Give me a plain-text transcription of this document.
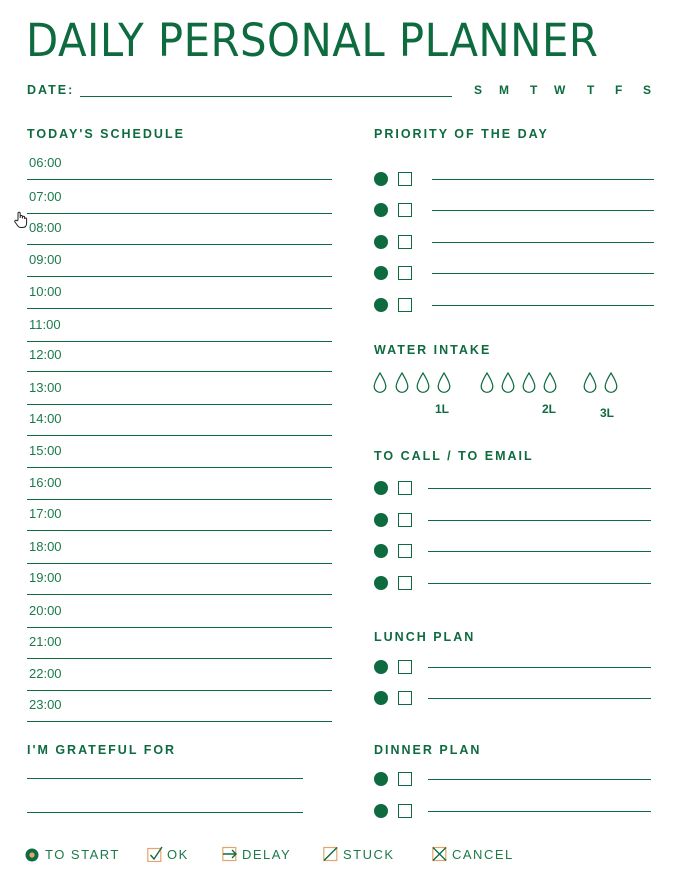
DAILY PERSONAL PLANNER
DATE:	S M T W T F S
TODAY'S SCHEDULE
06:00
07:00
08:00
09:00
10:00
11:00
12:00
13:00
14:00
15:00
16:00
17:00
18:00
19:00
20:00
21:00
22:00
23:00
PRIORITY OF THE DAY
WATER INTAKE
1L	2L	3L
TO CALL / TO EMAIL
LUNCH PLAN
DINNER PLAN
I'M GRATEFUL FOR
TO START	OK	DELAY	STUCK	CANCEL
